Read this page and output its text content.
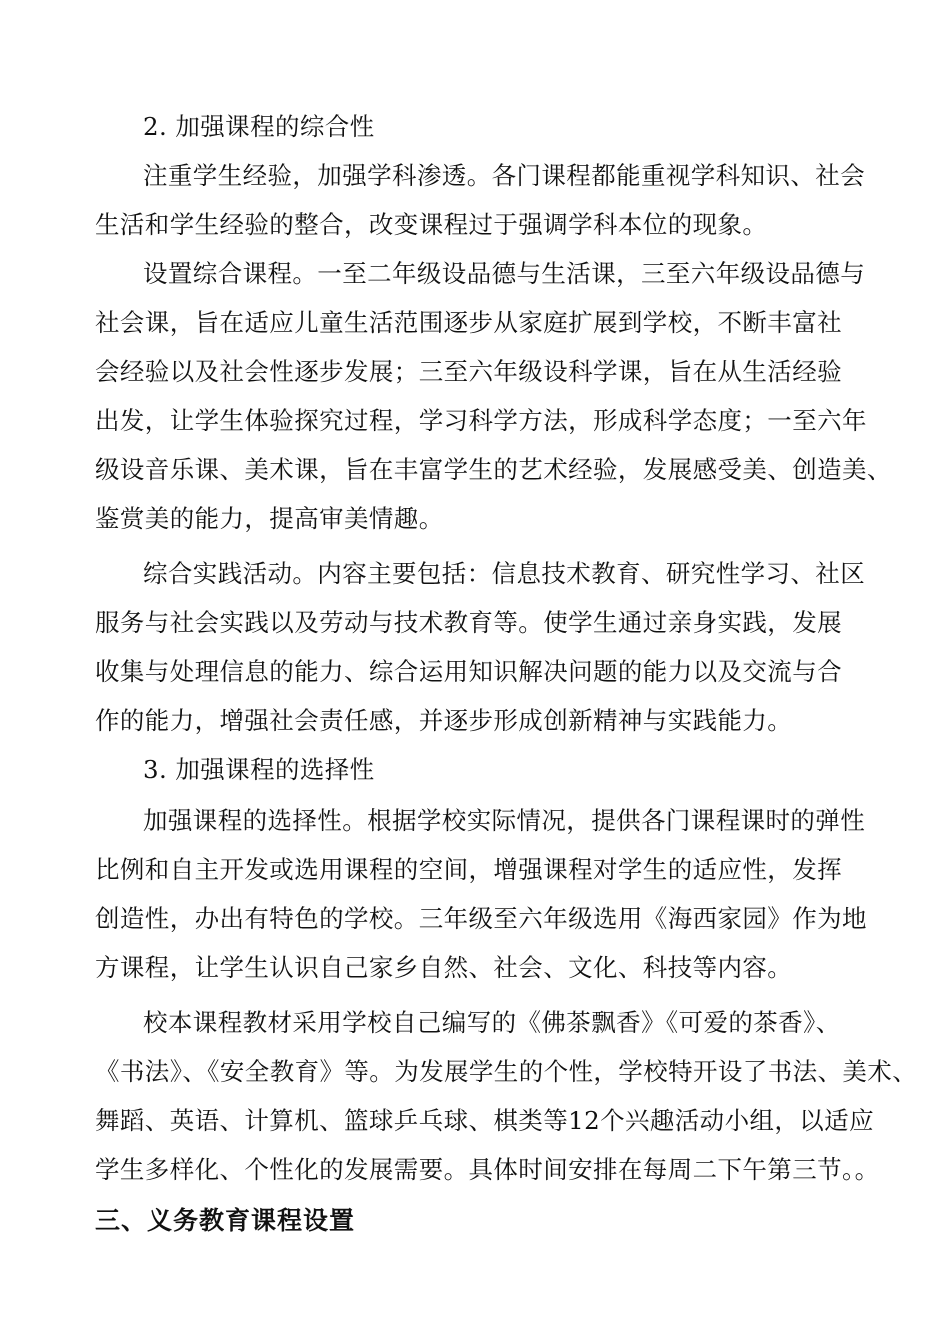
2. 加强课程的综合性
注重学生经验，加强学科渗透。各门课程都能重视学科知识、社会
生活和学生经验的整合，改变课程过于强调学科本位的现象。
设置综合课程。一至二年级设品德与生活课，三至六年级设品德与
社会课，旨在适应儿童生活范围逐步从家庭扩展到学校，不断丰富社
会经验以及社会性逐步发展；三至六年级设科学课，旨在从生活经验
出发，让学生体验探究过程，学习科学方法，形成科学态度；一至六年
级设音乐课、美术课，旨在丰富学生的艺术经验，发展感受美、创造美、
鉴赏美的能力，提高审美情趣。
综合实践活动。内容主要包括：信息技术教育、研究性学习、社区
服务与社会实践以及劳动与技术教育等。使学生通过亲身实践，发展
收集与处理信息的能力、综合运用知识解决问题的能力以及交流与合
作的能力，增强社会责任感，并逐步形成创新精神与实践能力。
3. 加强课程的选择性
加强课程的选择性。根据学校实际情况，提供各门课程课时的弹性
比例和自主开发或选用课程的空间，增强课程对学生的适应性，发挥
创造性，办出有特色的学校。三年级至六年级选用《海西家园》作为地
方课程，让学生认识自己家乡自然、社会、文化、科技等内容。
校本课程教材采用学校自己编写的《佛茶飘香》《可爱的茶香》、
《书法》、《安全教育》等。为发展学生的个性，学校特开设了书法、美术、
舞蹈、英语、计算机、篮球乒乓球、棋类等12个兴趣活动小组，以适应
学生多样化、个性化的发展需要。具体时间安排在每周二下午第三节。。
三、义务教育课程设置
